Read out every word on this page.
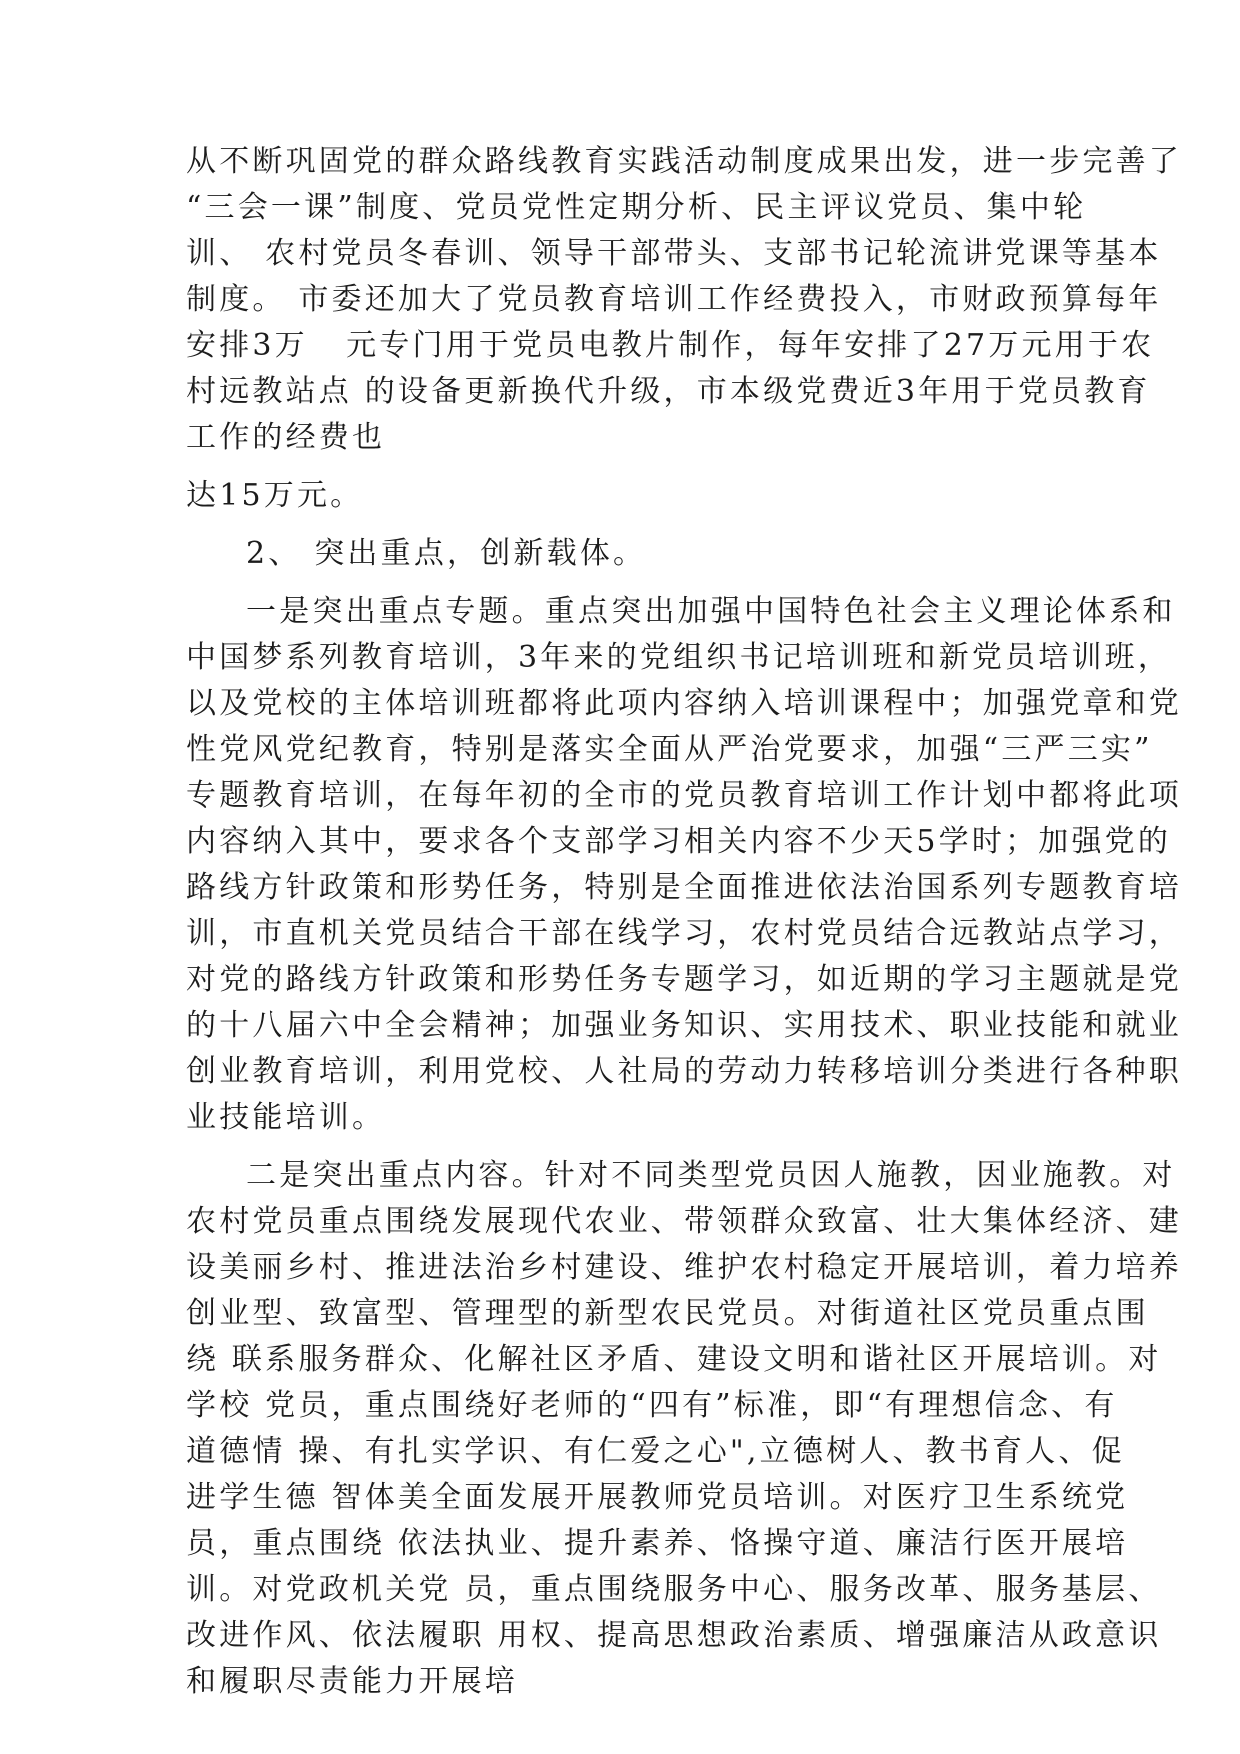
从不断巩固党的群众路线教育实践活动制度成果出发，进一步完善了
“三会一课”制度、党员党性定期分析、民主评议党员、集中轮
训、 农村党员冬春训、领导干部带头、支部书记轮流讲党课等基本
制度。 市委还加大了党员教育培训工作经费投入，市财政预算每年
安排3万   元专门用于党员电教片制作，每年安排了27万元用于农
村远教站点 的设备更新换代升级，市本级党费近3年用于党员教育
工作的经费也
达15万元。
2、 突出重点，创新载体。
一是突出重点专题。重点突出加强中国特色社会主义理论体系和
中国梦系列教育培训，3年来的党组织书记培训班和新党员培训班，
以及党校的主体培训班都将此项内容纳入培训课程中；加强党章和党
性党风党纪教育，特别是落实全面从严治党要求，加强“三严三实”
专题教育培训，在每年初的全市的党员教育培训工作计划中都将此项
内容纳入其中，要求各个支部学习相关内容不少天5学时；加强党的
路线方针政策和形势任务，特别是全面推进依法治国系列专题教育培
训，市直机关党员结合干部在线学习，农村党员结合远教站点学习，
对党的路线方针政策和形势任务专题学习，如近期的学习主题就是党
的十八届六中全会精神；加强业务知识、实用技术、职业技能和就业
创业教育培训，利用党校、人社局的劳动力转移培训分类进行各种职
业技能培训。
二是突出重点内容。针对不同类型党员因人施教，因业施教。对
农村党员重点围绕发展现代农业、带领群众致富、壮大集体经济、建
设美丽乡村、推进法治乡村建设、维护农村稳定开展培训，着力培养
创业型、致富型、管理型的新型农民党员。对街道社区党员重点围
绕 联系服务群众、化解社区矛盾、建设文明和谐社区开展培训。对
学校 党员，重点围绕好老师的“四有”标准，即“有理想信念、有
道德情 操、有扎实学识、有仁爱之心",立德树人、教书育人、促
进学生德 智体美全面发展开展教师党员培训。对医疗卫生系统党
员，重点围绕 依法执业、提升素养、恪操守道、廉洁行医开展培
训。对党政机关党 员，重点围绕服务中心、服务改革、服务基层、
改进作风、依法履职 用权、提高思想政治素质、增强廉洁从政意识
和履职尽责能力开展培
